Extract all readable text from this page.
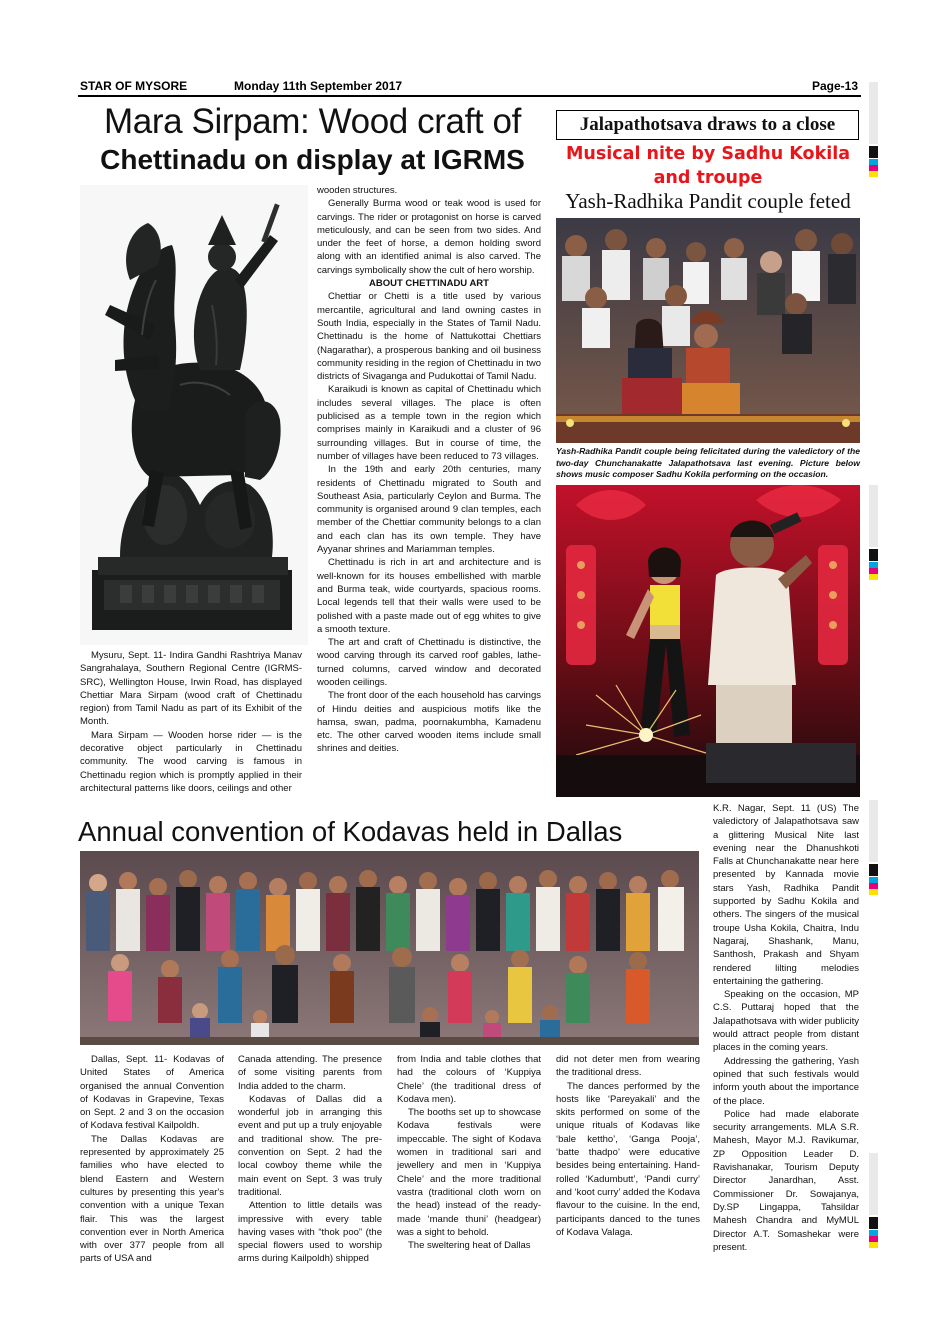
STAR OF MYSORE	Monday 11th September 2017	Page-13
Mara Sirpam: Wood craft of
Chettinadu on display at IGRMS

Mysuru, Sept. 11- Indira Gandhi Rashtriya Manav Sangrahalaya, Southern Regional Centre (IGRMS-SRC), Wellington House, Irwin Road, has displayed Chettiar Mara Sirpam (wood craft of Chettinadu region) from Tamil Nadu as part of its Exhibit of the Month.

Mara Sirpam — Wooden horse rider — is the decorative object particularly in Chettinadu community. The wood carving is famous in Chettinadu region which is promptly applied in their architectural patterns like doors, ceilings and other

wooden structures.

Generally Burma wood or teak wood is used for carvings. The rider or protagonist on horse is carved meticulously, and can be seen from two sides. And under the feet of horse, a demon holding sword along with an identified animal is also carved. The carvings symbolically show the cult of hero worship.

ABOUT CHETTINADU ART

Chettiar or Chetti is a title used by various mercantile, agricultural and land owning castes in South India, especially in the States of Tamil Nadu. Chettinadu is the home of Nattukottai Chettiars (Nagarathar), a prosperous banking and oil business community residing in the region of Chettinadu in two districts of Sivaganga and Pudukottai of Tamil Nadu.

Karaikudi is known as capital of Chettinadu which includes several villages. The place is often publicised as a temple town in the region which comprises mainly in Karaikudi and a cluster of 96 surrounding villages. But in course of time, the number of villages have been reduced to 73 villages.

In the 19th and early 20th centuries, many residents of Chettinadu migrated to South and Southeast Asia, particularly Ceylon and Burma. The community is organised around 9 clan temples, each member of the Chettiar community belongs to a clan and each clan has its own temple. They have Ayyanar shrines and Mariamman temples.

Chettinadu is rich in art and architecture and is well-known for its houses embellished with marble and Burma teak, wide courtyards, spacious rooms. Local legends tell that their walls were used to be polished with a paste made out of egg whites to give a smooth texture.

The art and craft of Chettinadu is distinctive, the wood carving through its carved roof gables, lathe-turned columns, carved window and decorated wooden ceilings.

The front door of the each household has carvings of Hindu deities and auspicious motifs like the hamsa, swan, padma, poornakumbha, Kamadenu etc. The other carved wooden items include small shrines and deities.

Jalapathotsava draws to a close
Musical nite by Sadhu Kokila and troupe
Yash-Radhika Pandit couple feted
Yash-Radhika Pandit couple being felicitated during the valedictory of the two-day Chunchanakatte Jalapathotsava last evening. Picture below shows music composer Sadhu Kokila performing on the occasion.

K.R. Nagar, Sept. 11 (US) The valedictory of Jalapathotsava saw a glittering Musical Nite last evening near the Dhanushkoti Falls at Chunchanakatte near here presented by Kannada movie stars Yash, Radhika Pandit supported by Sadhu Kokila and others. The singers of the musical troupe Usha Kokila, Chaitra, Indu Nagaraj, Shashank, Manu, Santhosh, Prakash and Shyam rendered lilting melodies entertaining the gathering.

Speaking on the occasion, MP C.S. Puttaraj hoped that the Jalapathotsava with wider publicity would attract people from distant places in the coming years.

Addressing the gathering, Yash opined that such festivals would inform youth about the importance of the place.

Police had made elaborate security arrangements. MLA S.R. Mahesh, Mayor M.J. Ravikumar, ZP Opposition Leader D. Ravishanakar, Tourism Deputy Director Janardhan, Asst. Commissioner Dr. Sowajanya, Dy.SP Lingappa, Tahsildar Mahesh Chandra and MyMUL Director A.T. Somashekar were present.

Annual convention of Kodavas held in Dallas

Dallas, Sept. 11- Kodavas of United States of America organised the annual Convention of Kodavas in Grapevine, Texas on Sept. 2 and 3 on the occasion of Kodava festival Kailpoldh.

The Dallas Kodavas are represented by approximately 25 families who have elected to blend Eastern and Western cultures by presenting this year's convention with a unique Texan flair. This was the largest convention ever in North America with over 377 people from all parts of USA and

Canada attending. The presence of some visiting parents from India added to the charm.

Kodavas of Dallas did a wonderful job in arranging this event and put up a truly enjoyable and traditional show. The pre-convention on Sept. 2 had the local cowboy theme while the main event on Sept. 3 was truly traditional.

Attention to little details was impressive with every table having vases with “thok poo” (the special flowers used to worship arms during Kailpoldh) shipped

from India and table clothes that had the colours of ‘Kuppiya Chele’ (the traditional dress of Kodava men).

The booths set up to showcase Kodava festivals were impeccable. The sight of Kodava women in traditional sari and jewellery and men in ‘Kuppiya Chele’ and the more traditional vastra (traditional cloth worn on the head) instead of the ready-made ‘mande thuni’ (headgear) was a sight to behold.

The sweltering heat of Dallas

did not deter men from wearing the traditional dress.

The dances performed by the hosts like ‘Pareyakali’ and the skits performed on some of the unique rituals of Kodavas like ‘bale kettho’, ‘Ganga Pooja’, ‘batte thadpo’ were educative besides being entertaining. Hand-rolled ‘Kadumbutt’, ‘Pandi curry’ and ‘koot curry’ added the Kodava flavour to the cuisine. In the end, participants danced to the tunes of Kodava Valaga.
